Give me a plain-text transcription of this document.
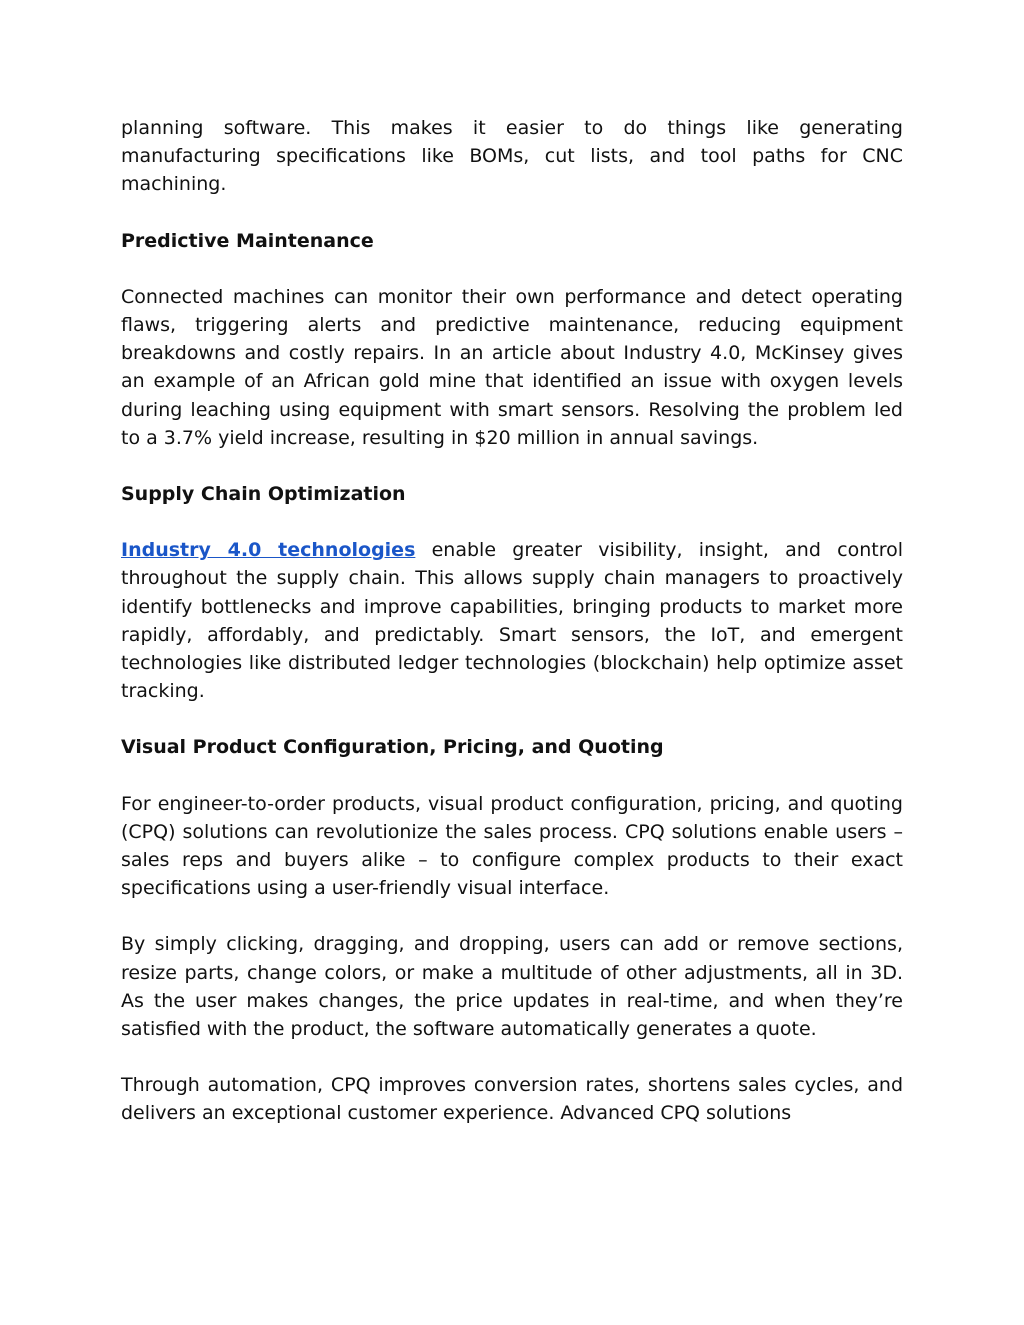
planning software. This makes it easier to do things like generating manufacturing specifications like BOMs, cut lists, and tool paths for CNC machining.

Predictive Maintenance

Connected machines can monitor their own performance and detect operating flaws, triggering alerts and predictive maintenance, reducing equipment breakdowns and costly repairs. In an article about Industry 4.0, McKinsey gives an example of an African gold mine that identified an issue with oxygen levels during leaching using equipment with smart sensors. Resolving the problem led to a 3.7% yield increase, resulting in $20 million in annual savings.

Supply Chain Optimization

Industry 4.0 technologies enable greater visibility, insight, and control throughout the supply chain. This allows supply chain managers to proactively identify bottlenecks and improve capabilities, bringing products to market more rapidly, affordably, and predictably. Smart sensors, the IoT, and emergent technologies like distributed ledger technologies (blockchain) help optimize asset tracking.

Visual Product Configuration, Pricing, and Quoting

For engineer-to-order products, visual product configuration, pricing, and quoting (CPQ) solutions can revolutionize the sales process. CPQ solutions enable users – sales reps and buyers alike – to configure complex products to their exact specifications using a user-friendly visual interface.

By simply clicking, dragging, and dropping, users can add or remove sections, resize parts, change colors, or make a multitude of other adjustments, all in 3D. As the user makes changes, the price updates in real-time, and when they’re satisfied with the product, the software automatically generates a quote.

Through automation, CPQ improves conversion rates, shortens sales cycles, and delivers an exceptional customer experience. Advanced CPQ solutions
